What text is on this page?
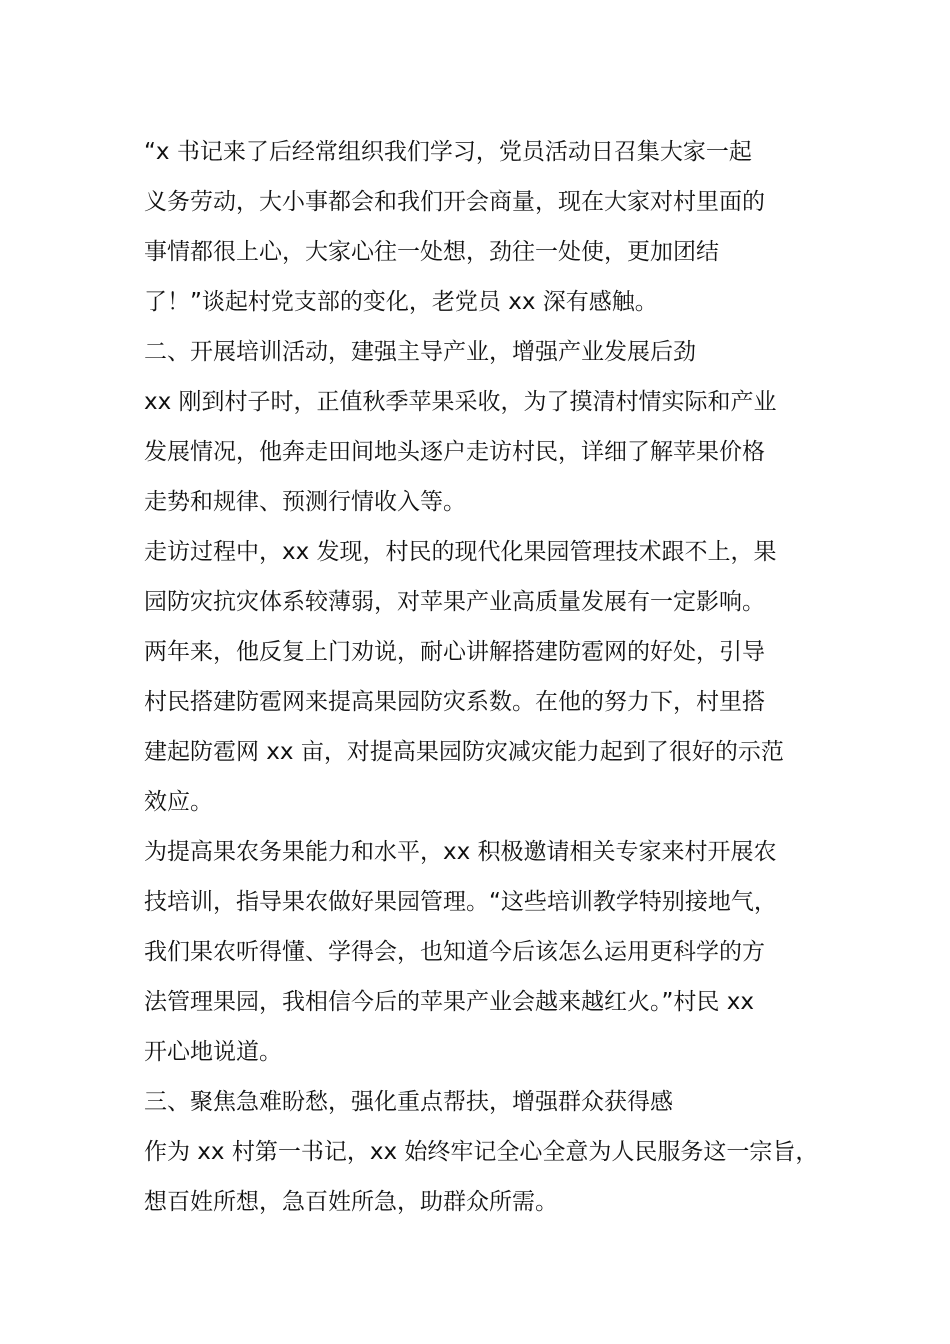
“x 书记来了后经常组织我们学习，党员活动日召集大家一起
义务劳动，大小事都会和我们开会商量，现在大家对村里面的
事情都很上心，大家心往一处想，劲往一处使，更加团结
了！”谈起村党支部的变化，老党员 xx 深有感触。
二、开展培训活动，建强主导产业，增强产业发展后劲
xx 刚到村子时，正值秋季苹果采收，为了摸清村情实际和产业
发展情况，他奔走田间地头逐户走访村民，详细了解苹果价格
走势和规律、预测行情收入等。
走访过程中，xx 发现，村民的现代化果园管理技术跟不上，果
园防灾抗灾体系较薄弱，对苹果产业高质量发展有一定影响。
两年来，他反复上门劝说，耐心讲解搭建防雹网的好处，引导
村民搭建防雹网来提高果园防灾系数。在他的努力下，村里搭
建起防雹网 xx 亩，对提高果园防灾减灾能力起到了很好的示范
效应。
为提高果农务果能力和水平，xx 积极邀请相关专家来村开展农
技培训，指导果农做好果园管理。“这些培训教学特别接地气，
我们果农听得懂、学得会，也知道今后该怎么运用更科学的方
法管理果园，我相信今后的苹果产业会越来越红火。”村民 xx
开心地说道。
三、聚焦急难盼愁，强化重点帮扶，增强群众获得感
作为 xx 村第一书记，xx 始终牢记全心全意为人民服务这一宗旨，
想百姓所想，急百姓所急，助群众所需。
